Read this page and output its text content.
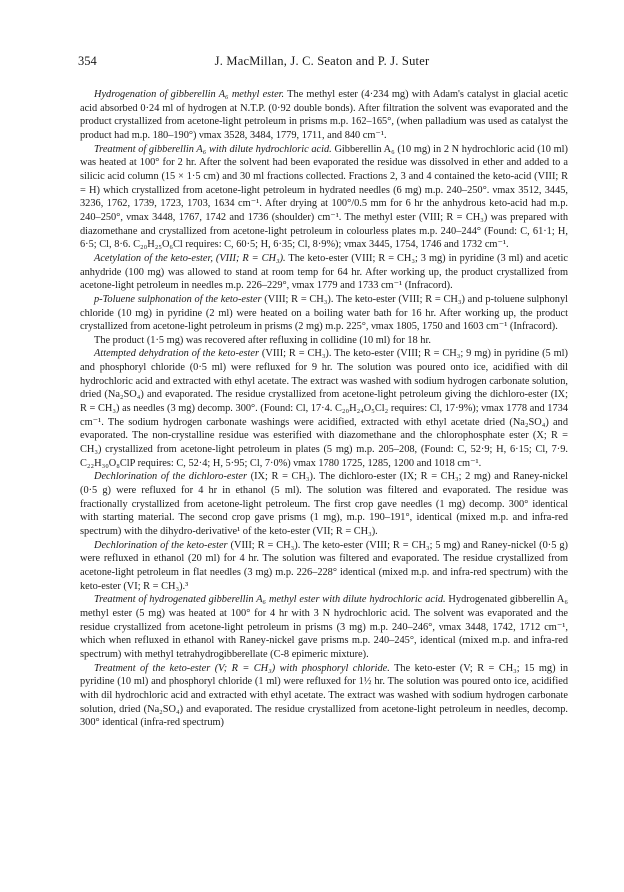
354	J. MacMillan, J. C. Seaton and P. J. Suter

Hydrogenation of gibberellin A₆ methyl ester. The methyl ester (4·234 mg) with Adam's catalyst in glacial acetic acid absorbed 0·24 ml of hydrogen at N.T.P. (0·92 double bonds). After filtration the solvent was evaporated and the product crystallized from acetone-light petroleum in prisms m.p. 162–165°, (when palladium was used as catalyst the product had m.p. 180–190°) νmax 3528, 3484, 1779, 1711, and 840 cm⁻¹.

Treatment of gibberellin A₆ with dilute hydrochloric acid. Gibberellin A₆ (10 mg) in 2 N hydrochloric acid (10 ml) was heated at 100° for 2 hr. After the solvent had been evaporated the residue was dissolved in ether and added to a silicic acid column (15 × 1·5 cm) and 30 ml fractions collected. Fractions 2, 3 and 4 contained the keto-acid (VIII; R = H) which crystallized from acetone-light petroleum in hydrated needles (6 mg) m.p. 240–250°. νmax 3512, 3445, 3236, 1762, 1739, 1723, 1703, 1634 cm⁻¹. After drying at 100°/0.5 mm for 6 hr the anhydrous keto-acid had m.p. 240–250°, νmax 3448, 1767, 1742 and 1736 (shoulder) cm⁻¹. The methyl ester (VIII; R = CH₃) was prepared with diazomethane and crystallized from acetone-light petroleum in colourless plates m.p. 240–244° (Found: C, 61·1; H, 6·5; Cl, 8·6. C₂₀H₂₅O₆Cl requires: C, 60·5; H, 6·35; Cl, 8·9%); νmax 3445, 1754, 1746 and 1732 cm⁻¹.

Acetylation of the keto-ester, (VIII; R = CH₃). The keto-ester (VIII; R = CH₃; 3 mg) in pyridine (3 ml) and acetic anhydride (100 mg) was allowed to stand at room temp for 64 hr. After working up, the product crystallized from acetone-light petroleum in needles m.p. 226–229°, νmax 1779 and 1733 cm⁻¹ (Infracord).

p-Toluene sulphonation of the keto-ester (VIII; R = CH₃). The keto-ester (VIII; R = CH₃) and p-toluene sulphonyl chloride (10 mg) in pyridine (2 ml) were heated on a boiling water bath for 16 hr. After working up, the product crystallized from acetone-light petroleum in prisms (2 mg) m.p. 225°, νmax 1805, 1750 and 1603 cm⁻¹ (Infracord).

The product (1·5 mg) was recovered after refluxing in collidine (10 ml) for 18 hr.

Attempted dehydration of the keto-ester (VIII; R = CH₃). The keto-ester (VIII; R = CH₃; 9 mg) in pyridine (5 ml) and phosphoryl chloride (0·5 ml) were refluxed for 9 hr. The solution was poured onto ice, acidified with dil hydrochloric acid and extracted with ethyl acetate. The extract was washed with sodium hydrogen carbonate solution, dried (Na₂SO₄) and evaporated. The residue crystallized from acetone-light petroleum giving the dichloro-ester (IX; R = CH₃) as needles (3 mg) decomp. 300°. (Found: Cl, 17·4. C₂₀H₂₄O₅Cl₂ requires: Cl, 17·9%); νmax 1778 and 1734 cm⁻¹. The sodium hydrogen carbonate washings were acidified, extracted with ethyl acetate dried (Na₂SO₄) and evaporated. The non-crystalline residue was esterified with diazomethane and the chlorophosphate ester (X; R = CH₃) crystallized from acetone-light petroleum in plates (5 mg) m.p. 205–208, (Found: C, 52·9; H, 6·15; Cl, 7·9. C₂₂H₃₀O₈ClP requires: C, 52·4; H, 5·95; Cl, 7·0%) νmax 1780 1725, 1285, 1200 and 1018 cm⁻¹.

Dechlorination of the dichloro-ester (IX; R = CH₃). The dichloro-ester (IX; R = CH₃; 2 mg) and Raney-nickel (0·5 g) were refluxed for 4 hr in ethanol (5 ml). The solution was filtered and evaporated. The residue was fractionally crystallized from acetone-light petroleum. The first crop gave needles (1 mg) decomp. 300° identical with starting material. The second crop gave prisms (1 mg), m.p. 190–191°, identical (mixed m.p. and infra-red spectrum) with the dihydro-derivative¹ of the keto-ester (VII; R = CH₃).

Dechlorination of the keto-ester (VIII; R = CH₃). The keto-ester (VIII; R = CH₃; 5 mg) and Raney-nickel (0·5 g) were refluxed in ethanol (20 ml) for 4 hr. The solution was filtered and evaporated. The residue crystallized from acetone-light petroleum in flat needles (3 mg) m.p. 226–228° identical (mixed m.p. and infra-red spectrum) with the keto-ester (VI; R = CH₃).³

Treatment of hydrogenated gibberellin A₆ methyl ester with dilute hydrochloric acid. Hydrogenated gibberellin A₆ methyl ester (5 mg) was heated at 100° for 4 hr with 3 N hydrochloric acid. The solvent was evaporated and the residue crystallized from acetone-light petroleum in prisms (3 mg) m.p. 240–246°, νmax 3448, 1742, 1712 cm⁻¹, which when refluxed in ethanol with Raney-nickel gave prisms m.p. 240–245°, identical (mixed m.p. and infra-red spectrum) with methyl tetrahydrogibberellate (C-8 epimeric mixture).

Treatment of the keto-ester (V; R = CH₃) with phosphoryl chloride. The keto-ester (V; R = CH₃; 15 mg) in pyridine (10 ml) and phosphoryl chloride (1 ml) were refluxed for 1½ hr. The solution was poured onto ice, acidified with dil hydrochloric acid and extracted with ethyl acetate. The extract was washed with sodium hydrogen carbonate solution, dried (Na₂SO₄) and evaporated. The residue crystallized from acetone-light petroleum in needles, decomp. 300° identical (infra-red spectrum)
